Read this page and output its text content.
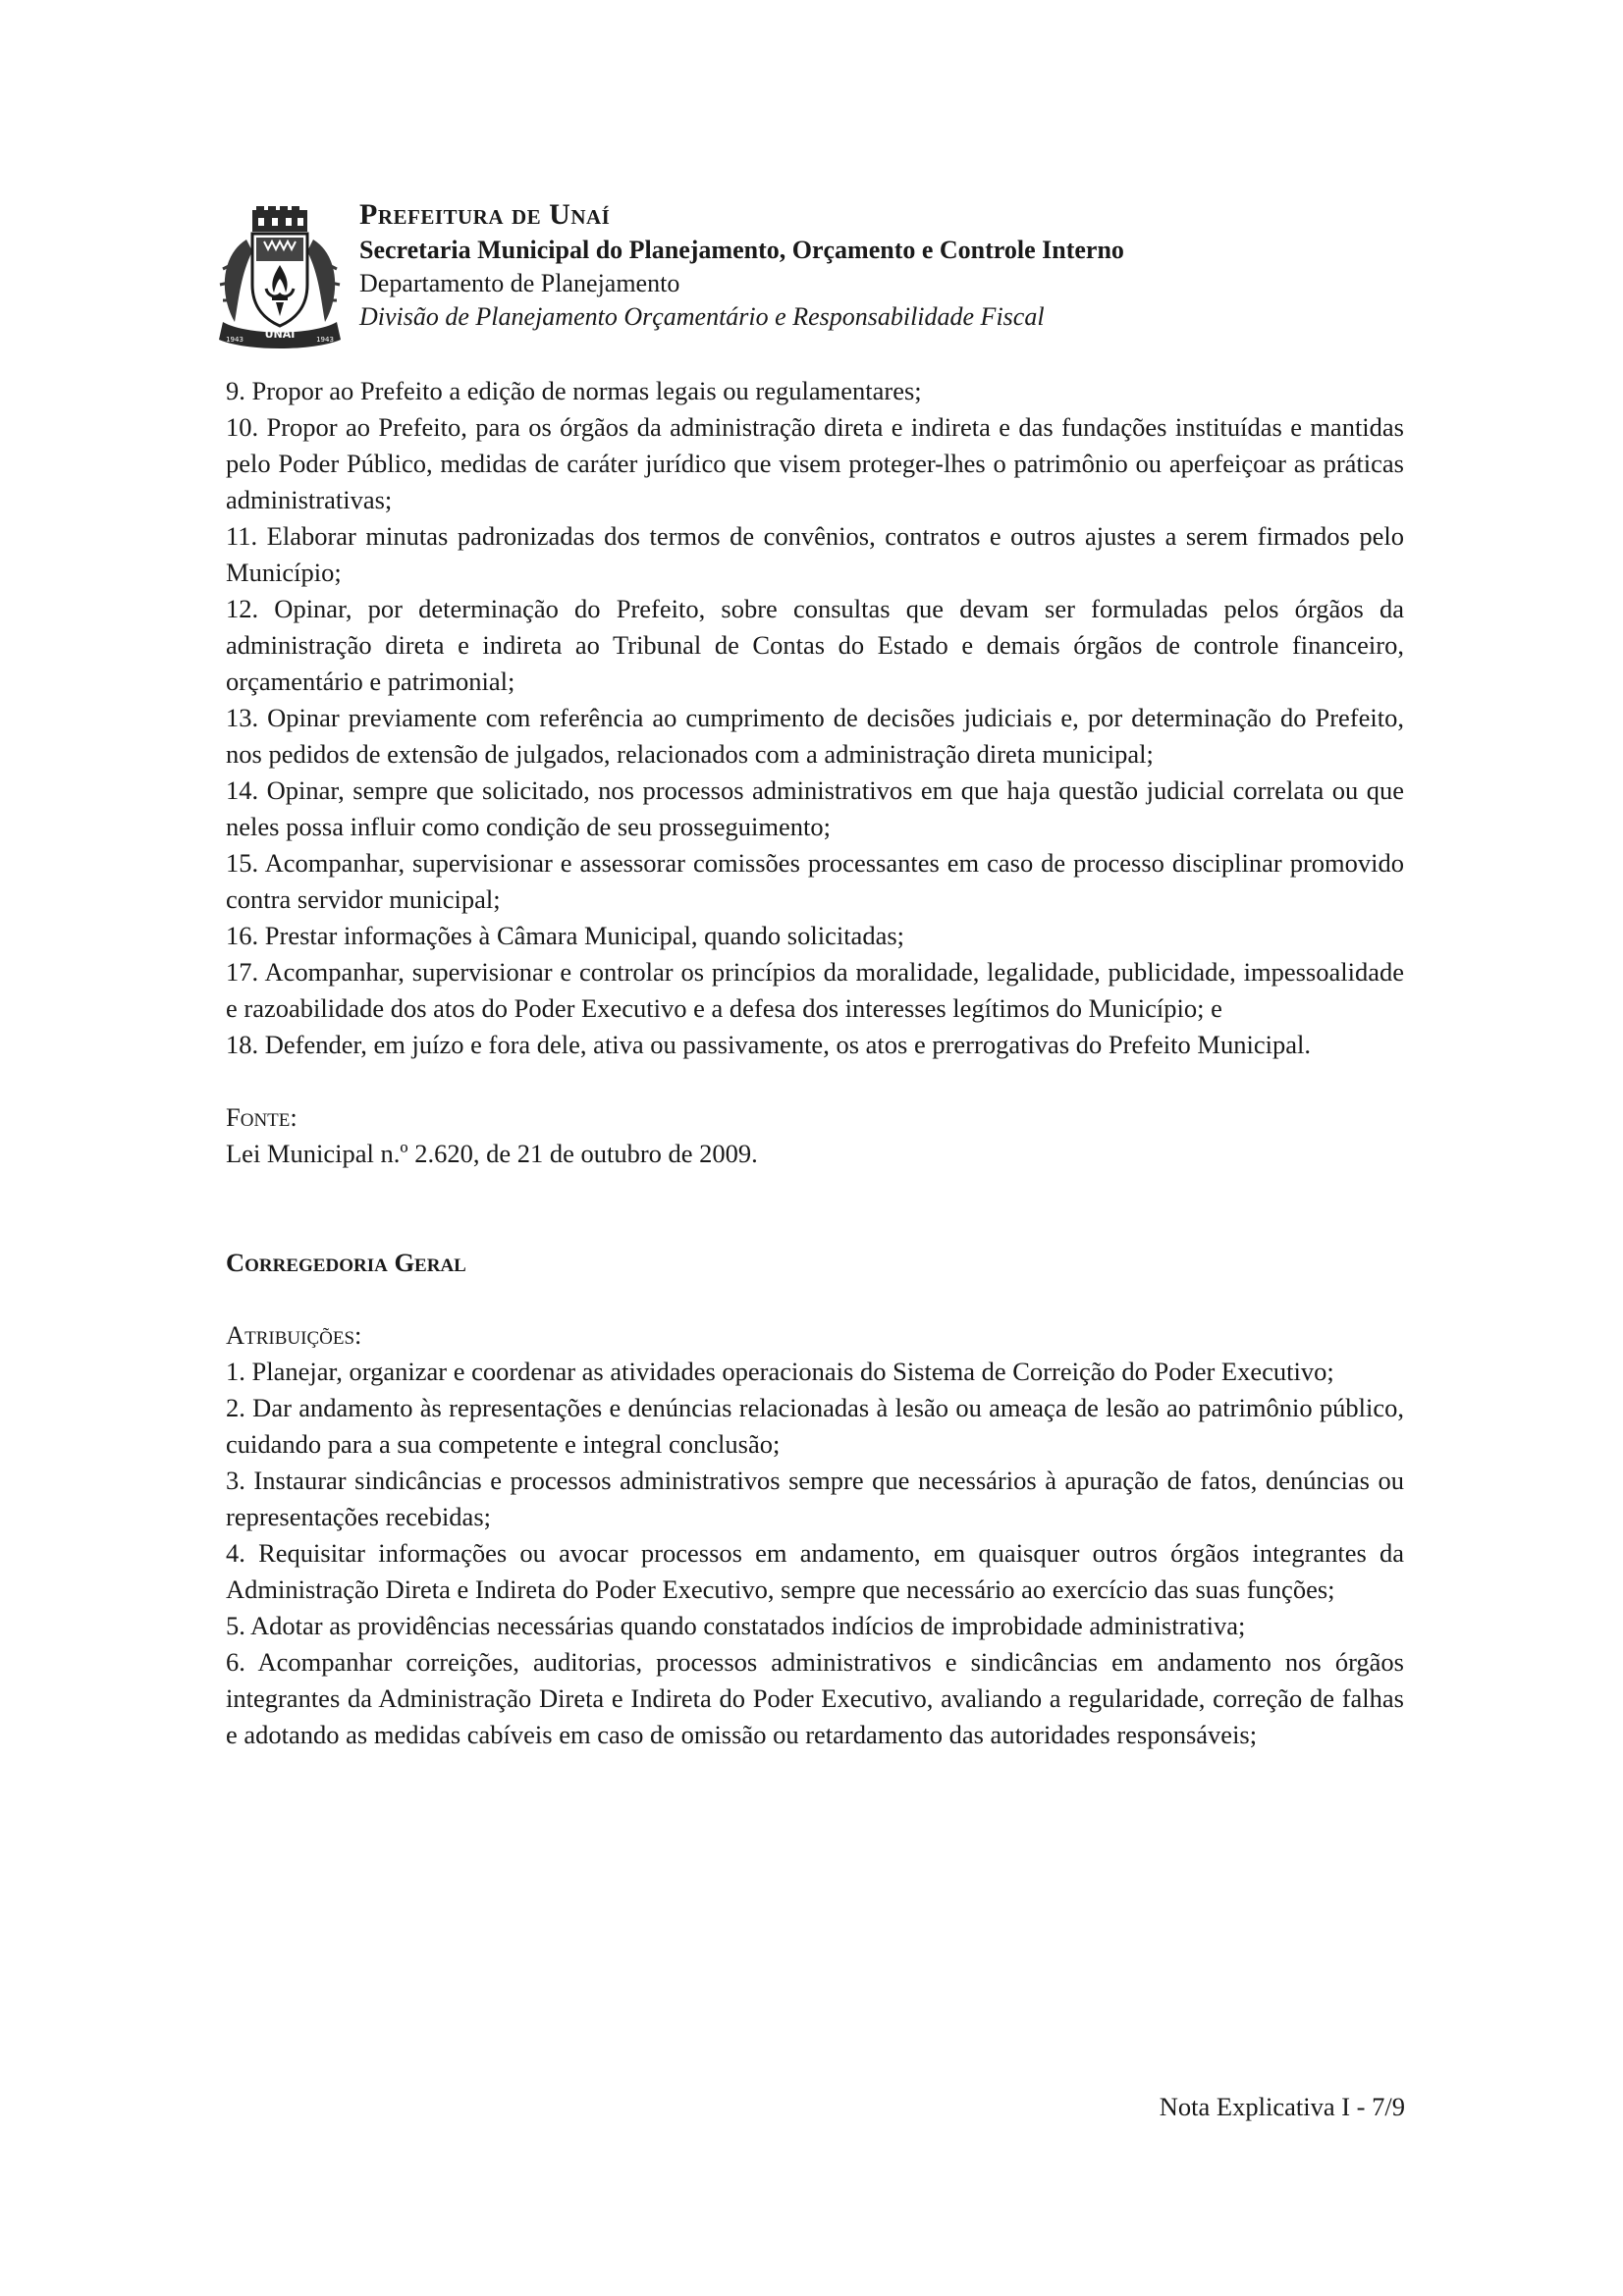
UNAÍ
1943	1943

Prefeitura de Unaí

Secretaria Municipal do Planejamento, Orçamento e Controle Interno

Departamento de Planejamento

Divisão de Planejamento Orçamentário e Responsabilidade Fiscal

9. Propor ao Prefeito a edição de normas legais ou regulamentares;

10. Propor ao Prefeito, para os órgãos da administração direta e indireta e das fundações instituídas e mantidas pelo Poder Público, medidas de caráter jurídico que visem proteger-lhes o patrimônio ou aperfeiçoar as práticas administrativas;

11. Elaborar minutas padronizadas dos termos de convênios, contratos e outros ajustes a serem firmados pelo Município;

12. Opinar, por determinação do Prefeito, sobre consultas que devam ser formuladas pelos órgãos da administração direta e indireta ao Tribunal de Contas do Estado e demais órgãos de controle financeiro, orçamentário e patrimonial;

13. Opinar previamente com referência ao cumprimento de decisões judiciais e, por determinação do Prefeito, nos pedidos de extensão de julgados, relacionados com a administração direta municipal;

14. Opinar, sempre que solicitado, nos processos administrativos em que haja questão judicial correlata ou que neles possa influir como condição de seu prosseguimento;

15. Acompanhar, supervisionar e assessorar comissões processantes em caso de processo disciplinar promovido contra servidor municipal;

16. Prestar informações à Câmara Municipal, quando solicitadas;

17. Acompanhar, supervisionar e controlar os princípios da moralidade, legalidade, publicidade, impessoalidade e razoabilidade dos atos do Poder Executivo e a defesa dos interesses legítimos do Município; e

18. Defender, em juízo e fora dele, ativa ou passivamente, os atos e prerrogativas do Prefeito Municipal.

Fonte:

Lei Municipal n.º 2.620, de 21 de outubro de 2009.

Corregedoria Geral

Atribuições:

1. Planejar, organizar e coordenar as atividades operacionais do Sistema de Correição do Poder Executivo;

2. Dar andamento às representações e denúncias relacionadas à lesão ou ameaça de lesão ao patrimônio público, cuidando para a sua competente e integral conclusão;

3. Instaurar sindicâncias e processos administrativos sempre que necessários à apuração de fatos, denúncias ou representações recebidas;

4. Requisitar informações ou avocar processos em andamento, em quaisquer outros órgãos integrantes da Administração Direta e Indireta do Poder Executivo, sempre que necessário ao exercício das suas funções;

5. Adotar as providências necessárias quando constatados indícios de improbidade administrativa;

6. Acompanhar correições, auditorias, processos administrativos e sindicâncias em andamento nos órgãos integrantes da Administração Direta e Indireta do Poder Executivo, avaliando a regularidade, correção de falhas e adotando as medidas cabíveis em caso de omissão ou retardamento das autoridades responsáveis;

Nota Explicativa I - 7/9
